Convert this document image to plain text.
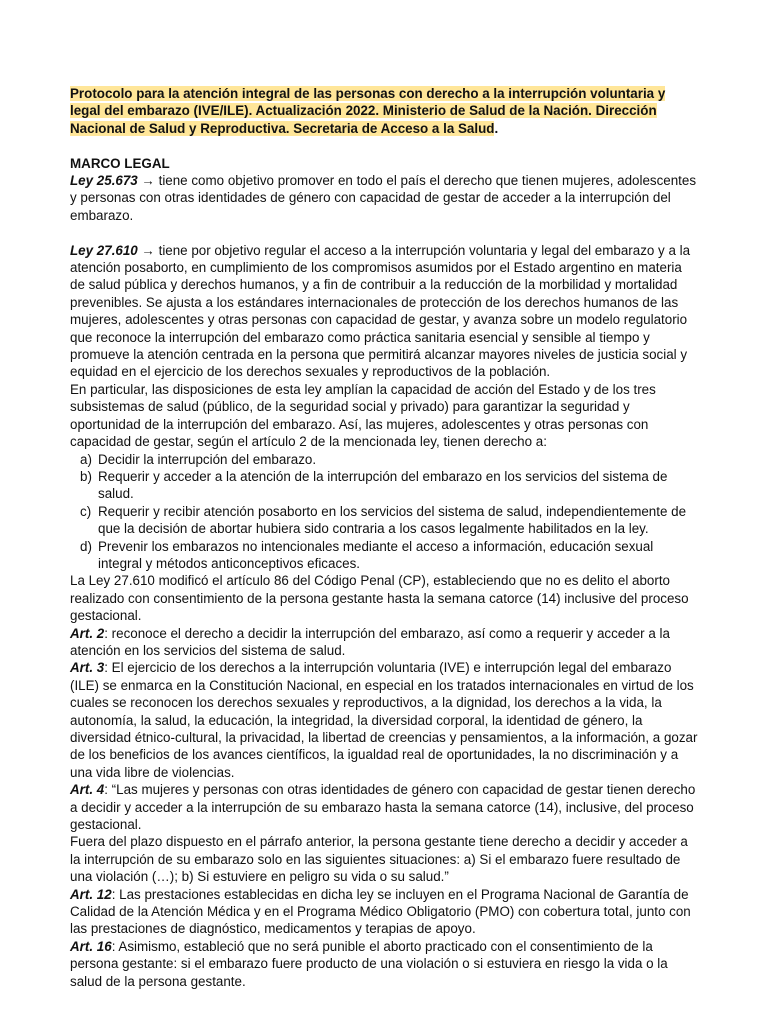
Protocolo para la atención integral de las personas con derecho a la interrupción voluntaria y legal del embarazo (IVE/ILE). Actualización 2022. Ministerio de Salud de la Nación. Dirección Nacional de Salud y Reproductiva. Secretaria de Acceso a la Salud.

MARCO LEGAL

Ley 25.673 → tiene como objetivo promover en todo el país el derecho que tienen mujeres, adolescentes y personas con otras identidades de género con capacidad de gestar de acceder a la interrupción del embarazo.

Ley 27.610 → tiene por objetivo regular el acceso a la interrupción voluntaria y legal del embarazo y a la atención posaborto, en cumplimiento de los compromisos asumidos por el Estado argentino en materia de salud pública y derechos humanos, y a fin de contribuir a la reducción de la morbilidad y mortalidad prevenibles. Se ajusta a los estándares internacionales de protección de los derechos humanos de las mujeres, adolescentes y otras personas con capacidad de gestar, y avanza sobre un modelo regulatorio que reconoce la interrupción del embarazo como práctica sanitaria esencial y sensible al tiempo y promueve la atención centrada en la persona que permitirá alcanzar mayores niveles de justicia social y equidad en el ejercicio de los derechos sexuales y reproductivos de la población.

En particular, las disposiciones de esta ley amplían la capacidad de acción del Estado y de los tres subsistemas de salud (público, de la seguridad social y privado) para garantizar la seguridad y oportunidad de la interrupción del embarazo. Así, las mujeres, adolescentes y otras personas con capacidad de gestar, según el artículo 2 de la mencionada ley, tienen derecho a:

a) Decidir la interrupción del embarazo.
b) Requerir y acceder a la atención de la interrupción del embarazo en los servicios del sistema de salud.
c) Requerir y recibir atención posaborto en los servicios del sistema de salud, independientemente de que la decisión de abortar hubiera sido contraria a los casos legalmente habilitados en la ley.
d) Prevenir los embarazos no intencionales mediante el acceso a información, educación sexual integral y métodos anticonceptivos eficaces.

La Ley 27.610 modificó el artículo 86 del Código Penal (CP), estableciendo que no es delito el aborto realizado con consentimiento de la persona gestante hasta la semana catorce (14) inclusive del proceso gestacional.

Art. 2: reconoce el derecho a decidir la interrupción del embarazo, así como a requerir y acceder a la atención en los servicios del sistema de salud.

Art. 3: El ejercicio de los derechos a la interrupción voluntaria (IVE) e interrupción legal del embarazo (ILE) se enmarca en la Constitución Nacional, en especial en los tratados internacionales en virtud de los cuales se reconocen los derechos sexuales y reproductivos, a la dignidad, los derechos a la vida, la autonomía, la salud, la educación, la integridad, la diversidad corporal, la identidad de género, la diversidad étnico-cultural, la privacidad, la libertad de creencias y pensamientos, a la información, a gozar de los beneficios de los avances científicos, la igualdad real de oportunidades, la no discriminación y a una vida libre de violencias.

Art. 4: “Las mujeres y personas con otras identidades de género con capacidad de gestar tienen derecho a decidir y acceder a la interrupción de su embarazo hasta la semana catorce (14), inclusive, del proceso gestacional.

Fuera del plazo dispuesto en el párrafo anterior, la persona gestante tiene derecho a decidir y acceder a la interrupción de su embarazo solo en las siguientes situaciones: a) Si el embarazo fuere resultado de una violación (…); b) Si estuviere en peligro su vida o su salud.”

Art. 12: Las prestaciones establecidas en dicha ley se incluyen en el Programa Nacional de Garantía de Calidad de la Atención Médica y en el Programa Médico Obligatorio (PMO) con cobertura total, junto con las prestaciones de diagnóstico, medicamentos y terapias de apoyo.

Art. 16: Asimismo, estableció que no será punible el aborto practicado con el consentimiento de la persona gestante: si el embarazo fuere producto de una violación o si estuviera en riesgo la vida o la salud de la persona gestante.
